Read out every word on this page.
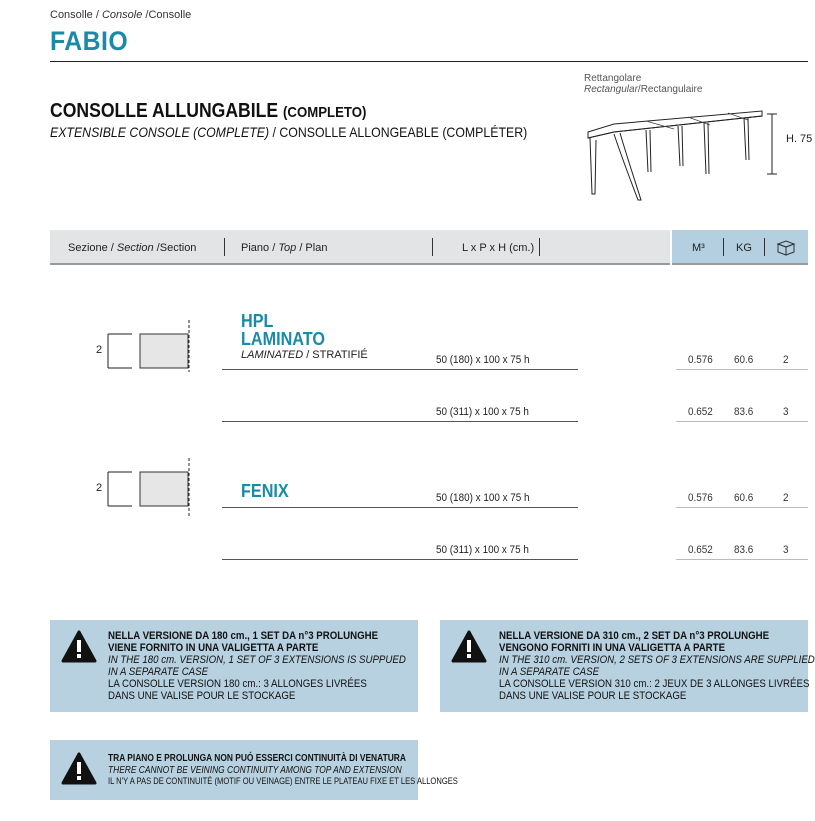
Consolle / Console /Consolle
FABIO
CONSOLLE ALLUNGABILE (COMPLETO)
EXTENSIBLE CONSOLE (COMPLETE) / CONSOLLE ALLONGEABLE (COMPLÉTER)
Rettangolare
Rectangular/Rectangulaire
H. 75
Sezione / Section /Section	Piano / Top / Plan	L x P x H (cm.)	M³	KG
2
HPL
LAMINATO
LAMINATED / STRATIFIÉ	50 (180) x 100 x 75 h	0.576 60.6	2
50 (311) x 100 x 75 h	0.652 83.6	3
2	FENIX	50 (180) x 100 x 75 h	0.576 60.6	2
50 (311) x 100 x 75 h	0.652 83.6	3
NELLA VERSIONE DA 180 cm., 1 SET DA n°3 PROLUNGHE
VIENE FORNITO IN UNA VALIGETTA A PARTE
IN THE 180 cm. VERSION, 1 SET OF 3 EXTENSIONS IS SUPPUED
IN A SEPARATE CASE
LA CONSOLLE VERSION 180 cm.: 3 ALLONGES LIVRÉES
DANS UNE VALISE POUR LE STOCKAGE
NELLA VERSIONE DA 310 cm., 2 SET DA n°3 PROLUNGHE
VENGONO FORNITI IN UNA VALIGETTA A PARTE
IN THE 310 cm. VERSION, 2 SETS OF 3 EXTENSIONS ARE SUPPLIED
IN A SEPARATE CASE
LA CONSOLLE VERSION 310 cm.: 2 JEUX DE 3 ALLONGES LIVRÉES
DANS UNE VALISE POUR LE STOCKAGE
TRA PIANO E PROLUNGA NON PUÓ ESSERCI CONTINUITÀ DI VENATURA
THERE CANNOT BE VEINING CONTINUITY AMONG TOP AND EXTENSION
IL N'Y A PAS DE CONTINUITÉ (MOTIF OU VEINAGE) ENTRE LE PLATEAU FIXE ET LES ALLONGES
